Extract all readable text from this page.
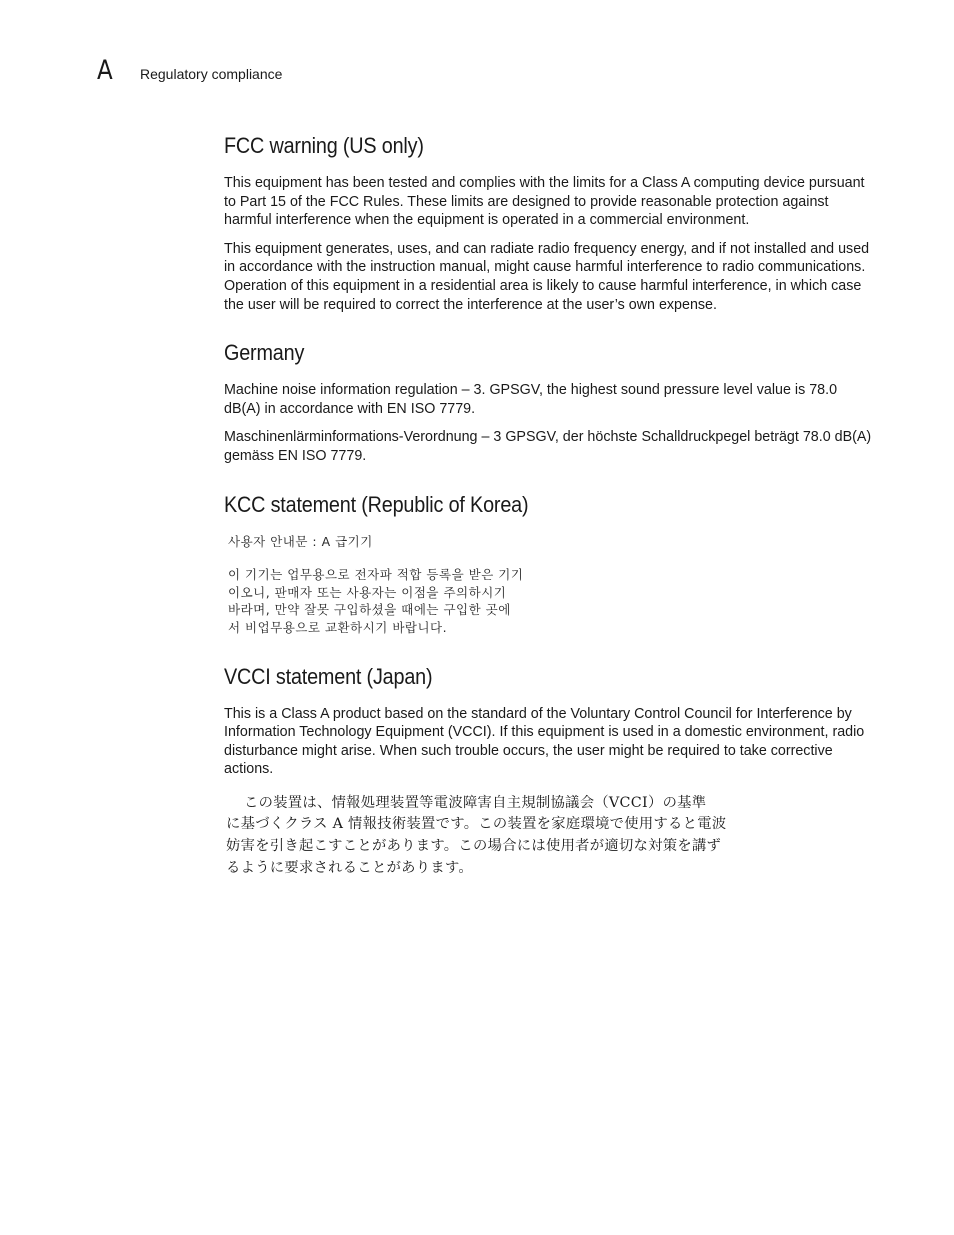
A Regulatory compliance
FCC warning (US only)

This equipment has been tested and complies with the limits for a Class A computing device pursuant to Part 15 of the FCC Rules. These limits are designed to provide reasonable protection against harmful interference when the equipment is operated in a commercial environment.

This equipment generates, uses, and can radiate radio frequency energy, and if not installed and used in accordance with the instruction manual, might cause harmful interference to radio communications. Operation of this equipment in a residential area is likely to cause harmful interference, in which case the user will be required to correct the interference at the user’s own expense.

Germany

Machine noise information regulation – 3. GPSGV, the highest sound pressure level value is 78.0 dB(A) in accordance with EN ISO 7779.

Maschinenlärminformations-Verordnung – 3 GPSGV, der höchste Schalldruckpegel beträgt 78.0 dB(A) gemäss EN ISO 7779.

KCC statement (Republic of Korea)
사용자 안내문 : A 급기기
이 기기는 업무용으로 전자파 적합 등록을 받은 기기
이오니, 판매자 또는 사용자는 이점을 주의하시기
바라며, 만약 잘못 구입하셨을 때에는 구입한 곳에
서 비업무용으로 교환하시기 바랍니다.
VCCI statement (Japan)

This is a Class A product based on the standard of the Voluntary Control Council for Interference by Information Technology Equipment (VCCI). If this equipment is used in a domestic environment, radio disturbance might arise. When such trouble occurs, the user might be required to take corrective actions.

この装置は、情報処理装置等電波障害自主規制協議会（VCCI）の基準
に基づくクラス A 情報技術装置です。この装置を家庭環境で使用すると電波
妨害を引き起こすことがあります。この場合には使用者が適切な対策を講ず
るように要求されることがあります。
